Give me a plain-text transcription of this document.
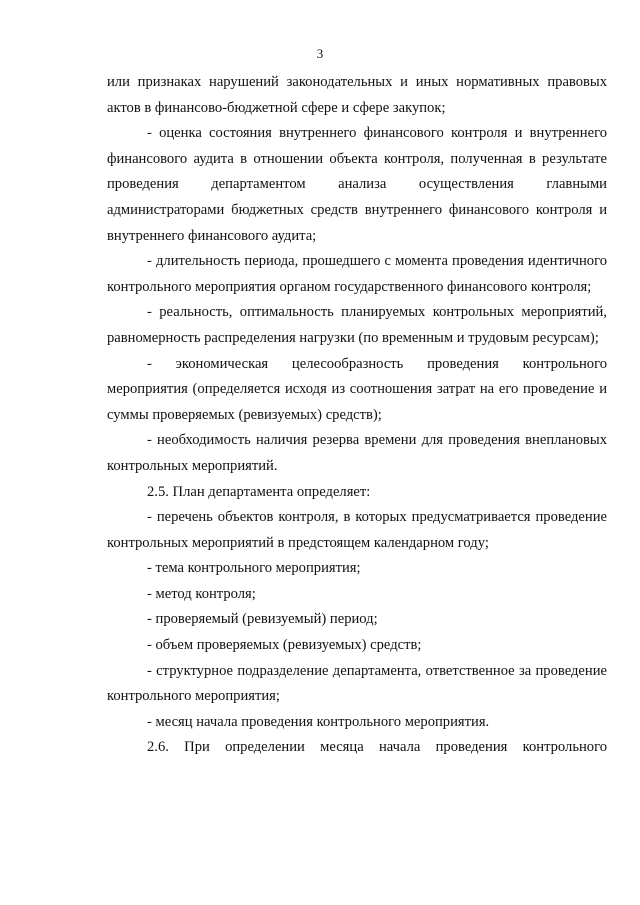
3

или признаках нарушений законодательных и иных нормативных правовых актов в финансово-бюджетной сфере и сфере закупок;

- оценка состояния внутреннего финансового контроля и внутреннего финансового аудита в отношении объекта контроля, полученная в результате проведения департаментом анализа осуществления главными администраторами бюджетных средств внутреннего финансового контроля и внутреннего финансового аудита;

- длительность периода, прошедшего с момента проведения идентичного контрольного мероприятия органом государственного финансового контроля;

- реальность, оптимальность планируемых контрольных мероприятий, равномерность распределения нагрузки (по временным и трудовым ресурсам);

- экономическая целесообразность проведения контрольного мероприятия (определяется исходя из соотношения затрат на его проведение и суммы проверяемых (ревизуемых) средств);

- необходимость наличия резерва времени для проведения внеплановых контрольных мероприятий.

2.5. План департамента определяет:

- перечень объектов контроля, в которых предусматривается проведение контрольных мероприятий в предстоящем календарном году;

- тема контрольного мероприятия;

- метод контроля;

- проверяемый (ревизуемый) период;

- объем проверяемых (ревизуемых) средств;

- структурное подразделение департамента, ответственное за проведение контрольного мероприятия;

- месяц начала проведения контрольного мероприятия.

2.6. При определении месяца начала проведения контрольного
